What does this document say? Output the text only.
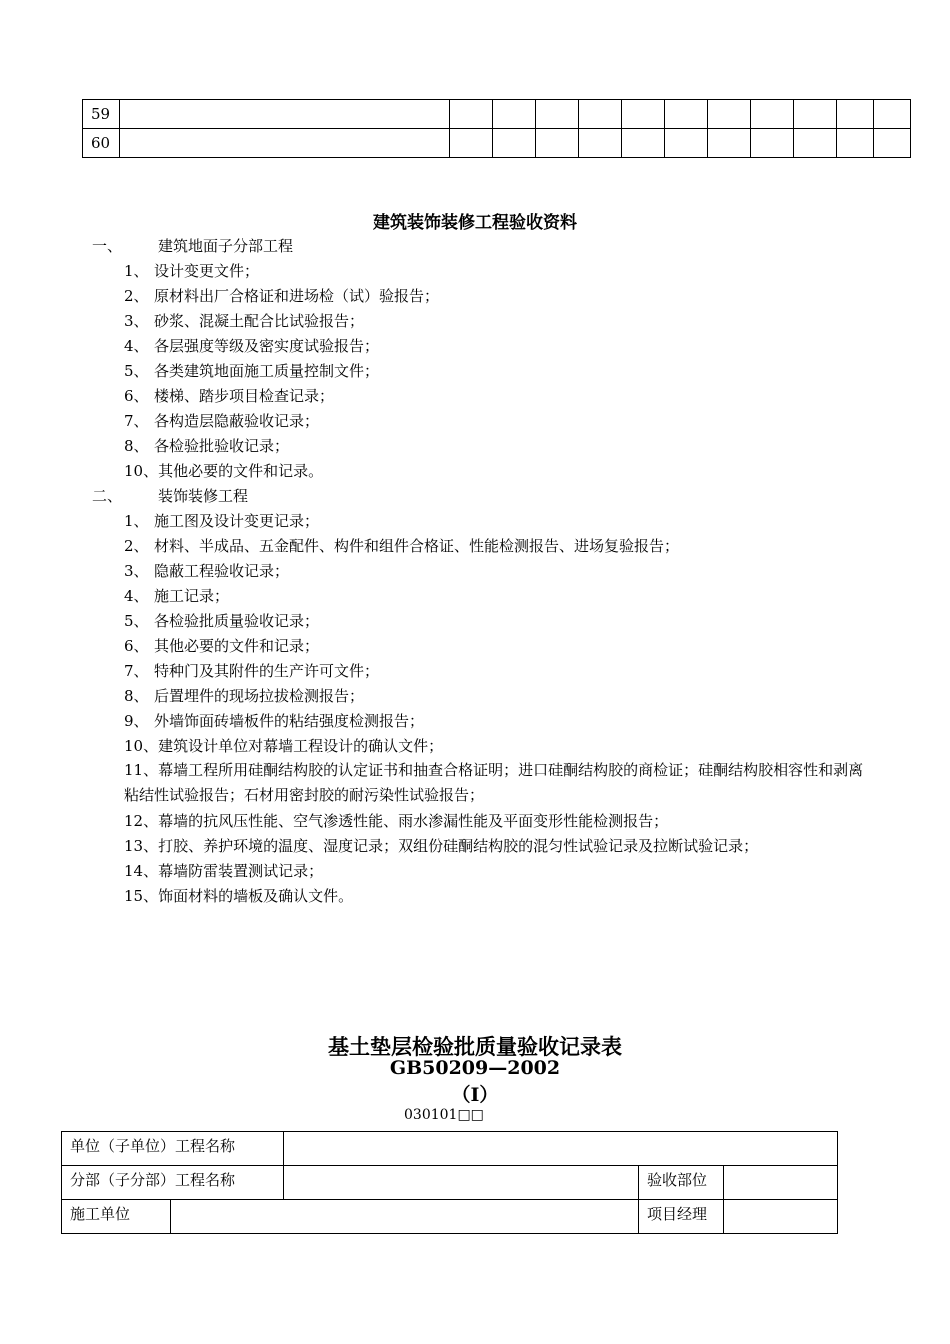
59												
60												
建筑装饰装修工程验收资料
一、 建筑地面子分部工程
1、 设计变更文件；
2、 原材料出厂合格证和进场检（试）验报告；
3、 砂浆、混凝土配合比试验报告；
4、 各层强度等级及密实度试验报告；
5、 各类建筑地面施工质量控制文件；
6、 楼梯、踏步项目检查记录；
7、 各构造层隐蔽验收记录；
8、 各检验批验收记录；
10、其他必要的文件和记录。
二、 装饰装修工程
1、 施工图及设计变更记录；
2、 材料、半成品、五金配件、构件和组件合格证、性能检测报告、进场复验报告；
3、 隐蔽工程验收记录；
4、 施工记录；
5、 各检验批质量验收记录；
6、 其他必要的文件和记录；
7、 特种门及其附件的生产许可文件；
8、 后置埋件的现场拉拔检测报告；
9、 外墙饰面砖墙板件的粘结强度检测报告；
10、建筑设计单位对幕墙工程设计的确认文件；
11、幕墙工程所用硅酮结构胶的认定证书和抽查合格证明；进口硅酮结构胶的商检证；硅酮结构胶相容性和剥离粘结性试验报告；石材用密封胶的耐污染性试验报告；
12、幕墙的抗风压性能、空气渗透性能、雨水渗漏性能及平面变形性能检测报告；
13、打胶、养护环境的温度、湿度记录；双组份硅酮结构胶的混匀性试验记录及拉断试验记录；
14、幕墙防雷装置测试记录；
15、饰面材料的墙板及确认文件。
基土垫层检验批质量验收记录表
GB50209—2002
（Ⅰ）
030101□□
单位（子单位）工程名称				
分部（子分部）工程名称			验收部位	
施工单位			项目经理	
